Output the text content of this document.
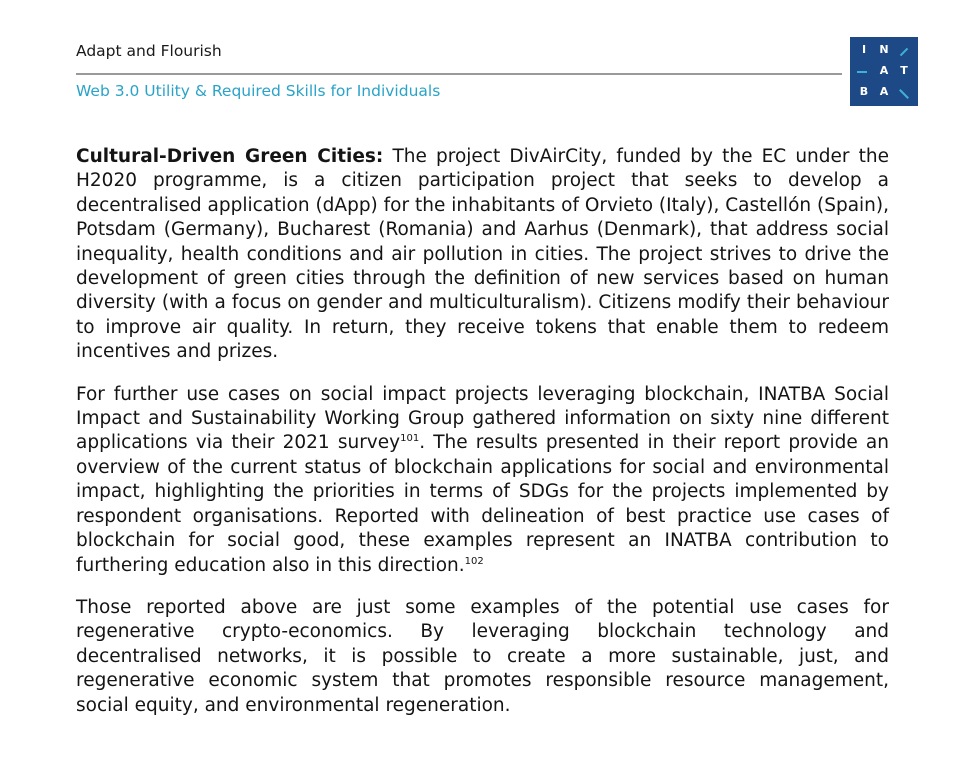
Adapt and Flourish
Web 3.0 Utility & Required Skills for Individuals
I	N
A T
B A

Cultural-Driven Green Cities: The project DivAirCity, funded by the EC under the H2020 programme, is a citizen participation project that seeks to develop a decentralised application (dApp) for the inhabitants of Orvieto (Italy), Castellón (Spain), Potsdam (Germany), Bucharest (Romania) and Aarhus (Denmark), that address social inequality, health conditions and air pollution in cities. The project strives to drive the development of green cities through the definition of new services based on human diversity (with a focus on gender and multiculturalism). Citizens modify their behaviour to improve air quality. In return, they receive tokens that enable them to redeem incentives and prizes.

For further use cases on social impact projects leveraging blockchain, INATBA Social Impact and Sustainability Working Group gathered information on sixty nine different applications via their 2021 survey$^{101}$. The results presented in their report provide an overview of the current status of blockchain applications for social and environmental impact, highlighting the priorities in terms of SDGs for the projects implemented by respondent organisations. Reported with delineation of best practice use cases of blockchain for social good, these examples represent an INATBA contribution to furthering education also in this direction.$^{102}$

Those reported above are just some examples of the potential use cases for regenerative crypto-economics. By leveraging blockchain technology and decentralised networks, it is possible to create a more sustainable, just, and regenerative economic system that promotes responsible resource management, social equity, and environmental regeneration.
